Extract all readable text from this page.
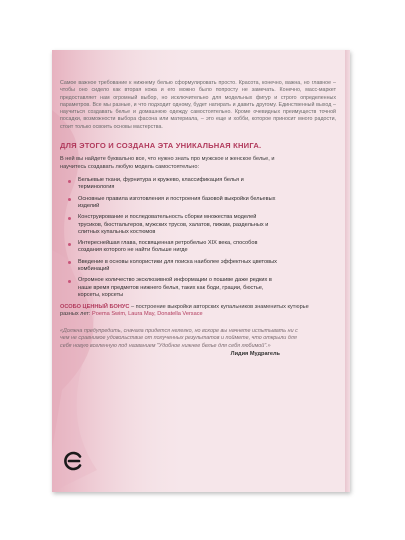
Самое важное требование к нижнему белью сформулировать просто. Красота, конечно, важна, но главное – чтобы оно сидело как вторая кожа и его можно было попросту не замечать. Конечно, масс-маркет предоставляет нам огромный выбор, но исключительно для модельных фигур и строго определенных параметров. Все мы разные, и что подходит одному, будет натирать и давить другому. Единственный выход – научиться создавать белье и домашнюю одежду самостоятельно. Кроме очевидных преимуществ точной посадки, возможности выбора фасона или материала, – это еще и хобби, которое приносит много радости, стоит только освоить основы мастерства.

ДЛЯ ЭТОГО И СОЗДАНА ЭТА УНИКАЛЬНАЯ КНИГА.

В ней вы найдете буквально все, что нужно знать про мужское и женское белье, и научитесь создавать любую модель самостоятельно:

Бельевые ткани, фурнитура и кружево, классификация белья и терминология
Основные правила изготовления и построения базовой выкройки бельевых изделий
Конструирование и последовательность сборки множества моделей трусиков, бюстгальтеров, мужских трусов, халатов, пижам, раздельных и слитных купальных костюмов
Интереснейшая глава, посвященная ретробелью XIX века, способов создания которого не найти больше нигде
Введение в основы колористики для поиска наиболее эффектных цветовых комбинаций
Огромное количество эксклюзивной информации о пошиве даже редких в наше время предметов нижнего белья, таких как боди, грации, бюстье, корсеты, корсеты

ОСОБО ЦЕННЫЙ БОНУС – построение выкройки авторских купальников знаменитых кутюрье разных лет: Poema Swim, Laura May, Donatella Versace

«Должна предупредить, сначала придется нелегко, но вскоре вы начнете испытывать ни с чем не сравнимое удовольствие от полученных результатов и поймете, что открыли для себя новую вселенную под названием "Удобное нижнее белье для себя любимой".»

Лидия Мудрагель
